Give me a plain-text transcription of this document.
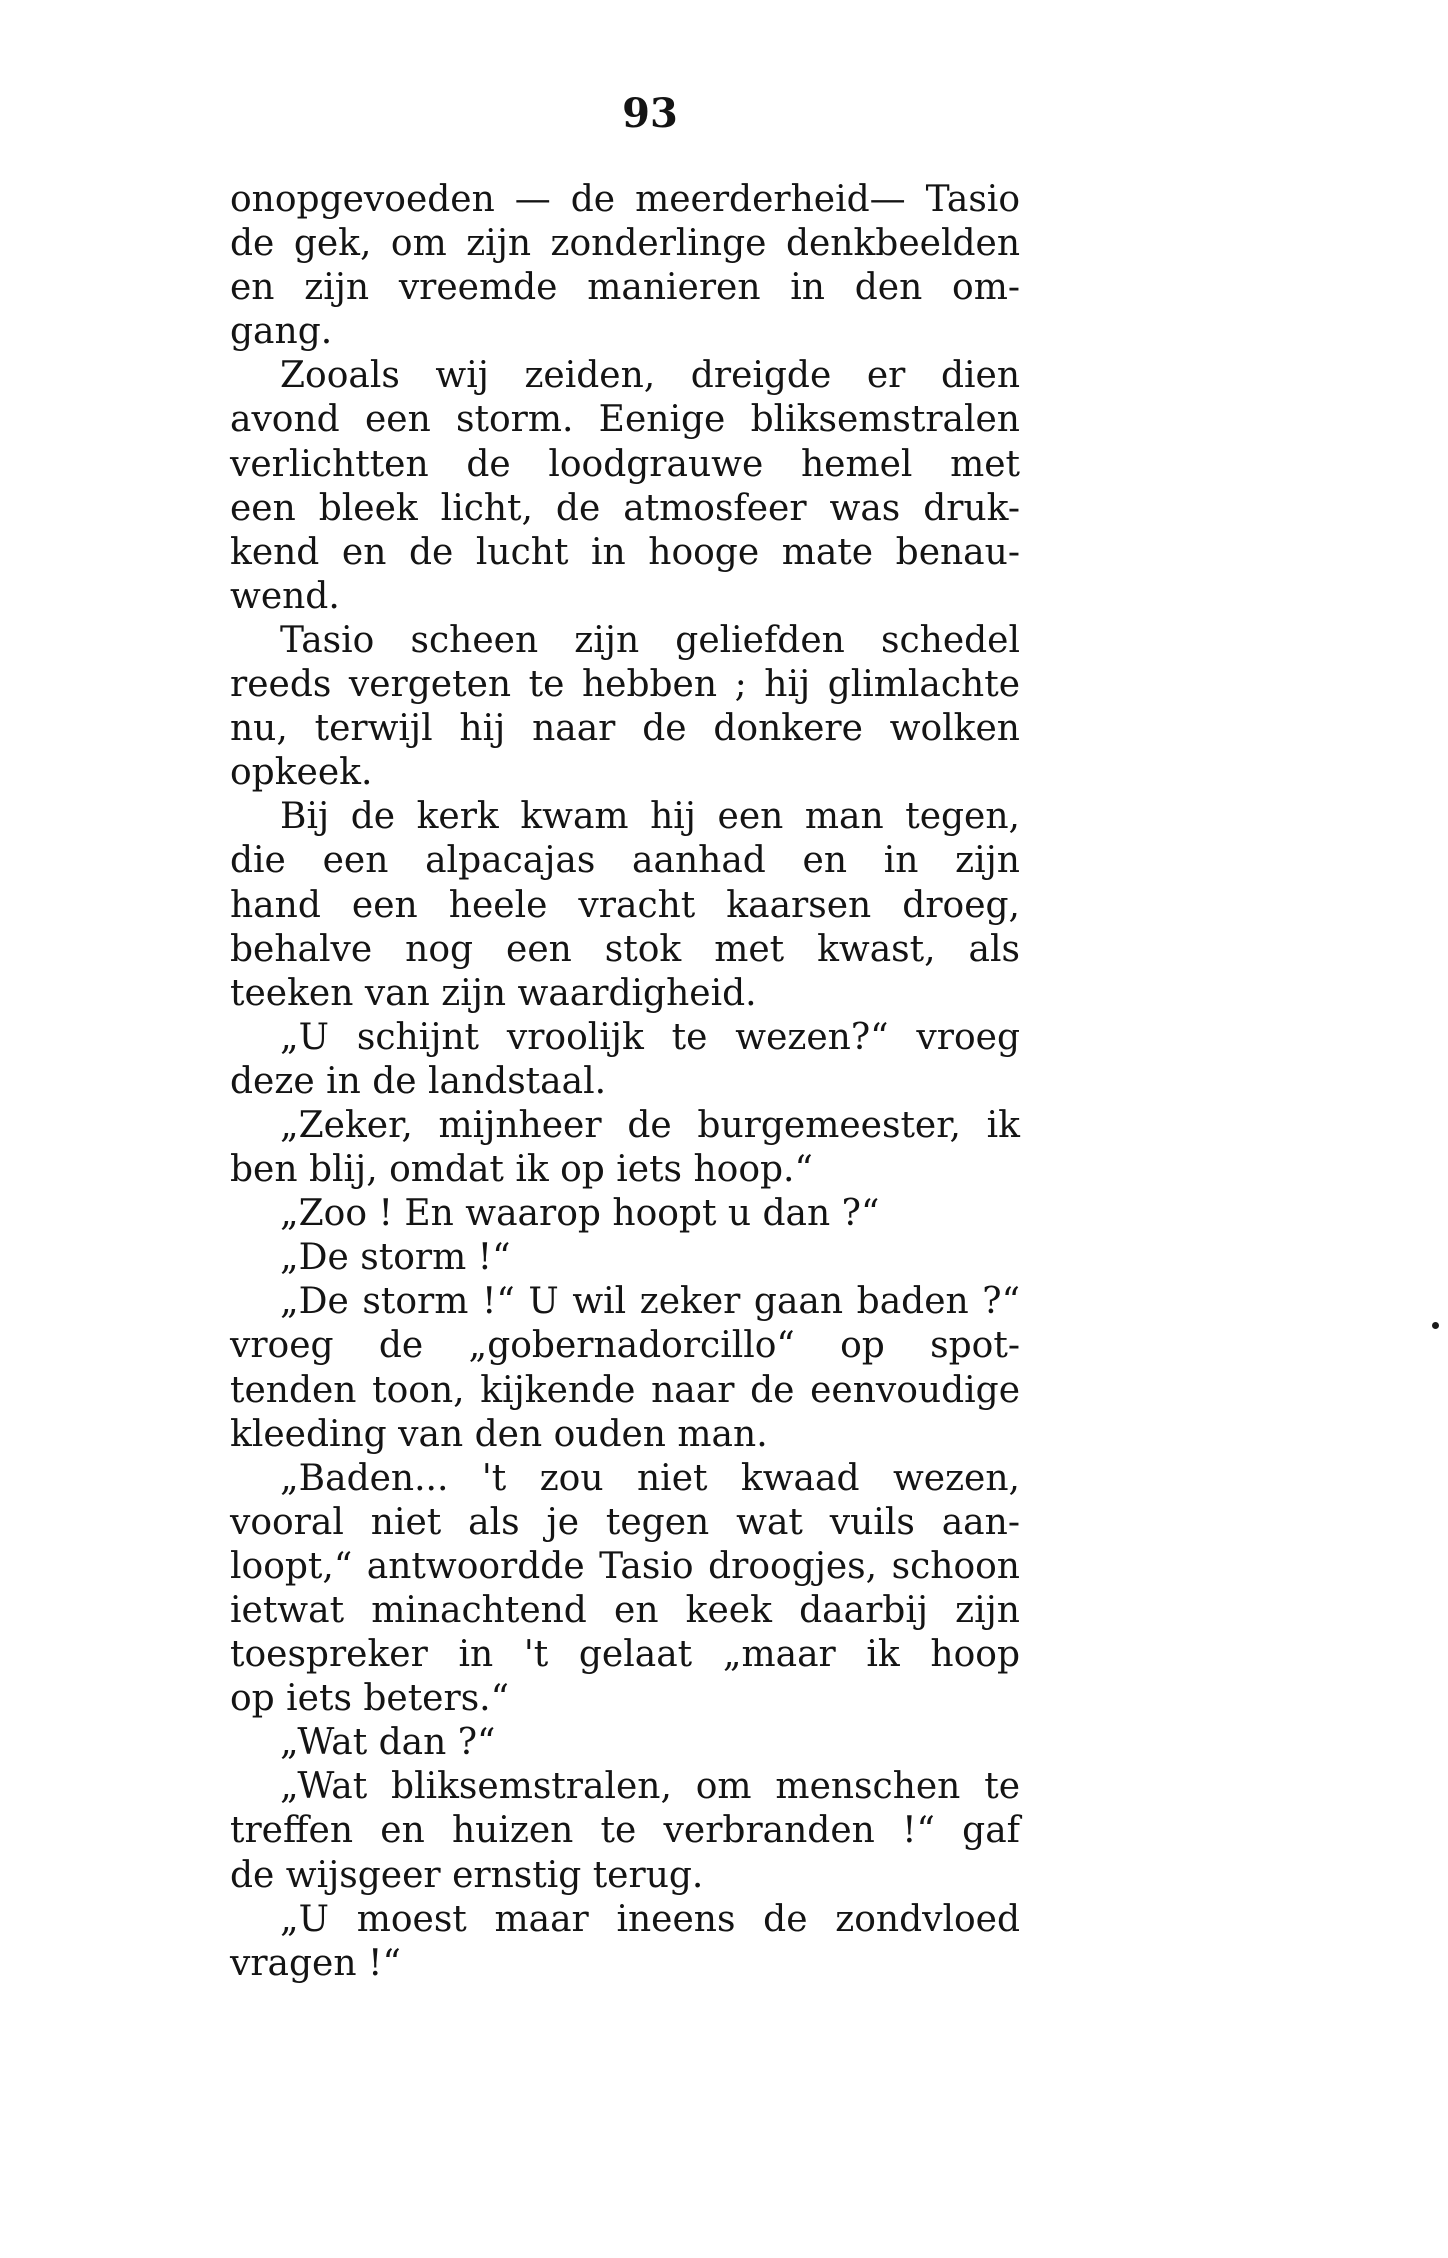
93
onopgevoeden — de meerderheid— Tasio
de gek, om zijn zonderlinge denkbeelden
en zijn vreemde manieren in den om-
gang.
Zooals wij zeiden, dreigde er dien
avond een storm. Eenige bliksemstralen
verlichtten de loodgrauwe hemel met
een bleek licht, de atmosfeer was druk-
kend en de lucht in hooge mate benau-
wend.
Tasio scheen zijn geliefden schedel
reeds vergeten te hebben ; hij glimlachte
nu, terwijl hij naar de donkere wolken
opkeek.
Bij de kerk kwam hij een man tegen,
die een alpacajas aanhad en in zijn
hand een heele vracht kaarsen droeg,
behalve nog een stok met kwast, als
teeken van zijn waardigheid.
„U schijnt vroolijk te wezen?“ vroeg
deze in de landstaal.
„Zeker, mijnheer de burgemeester, ik
ben blij, omdat ik op iets hoop.“
„Zoo ! En waarop hoopt u dan ?“
„De storm !“
„De storm !“ U wil zeker gaan baden ?“
vroeg de „gobernadorcillo“ op spot-
tenden toon, kijkende naar de eenvoudige
kleeding van den ouden man.
„Baden... 't zou niet kwaad wezen,
vooral niet als je tegen wat vuils aan-
loopt,“ antwoordde Tasio droogjes, schoon
ietwat minachtend en keek daarbij zijn
toespreker in 't gelaat „maar ik hoop
op iets beters.“
„Wat dan ?“
„Wat bliksemstralen, om menschen te
treffen en huizen te verbranden !“ gaf
de wijsgeer ernstig terug.
„U moest maar ineens de zondvloed
vragen !“
